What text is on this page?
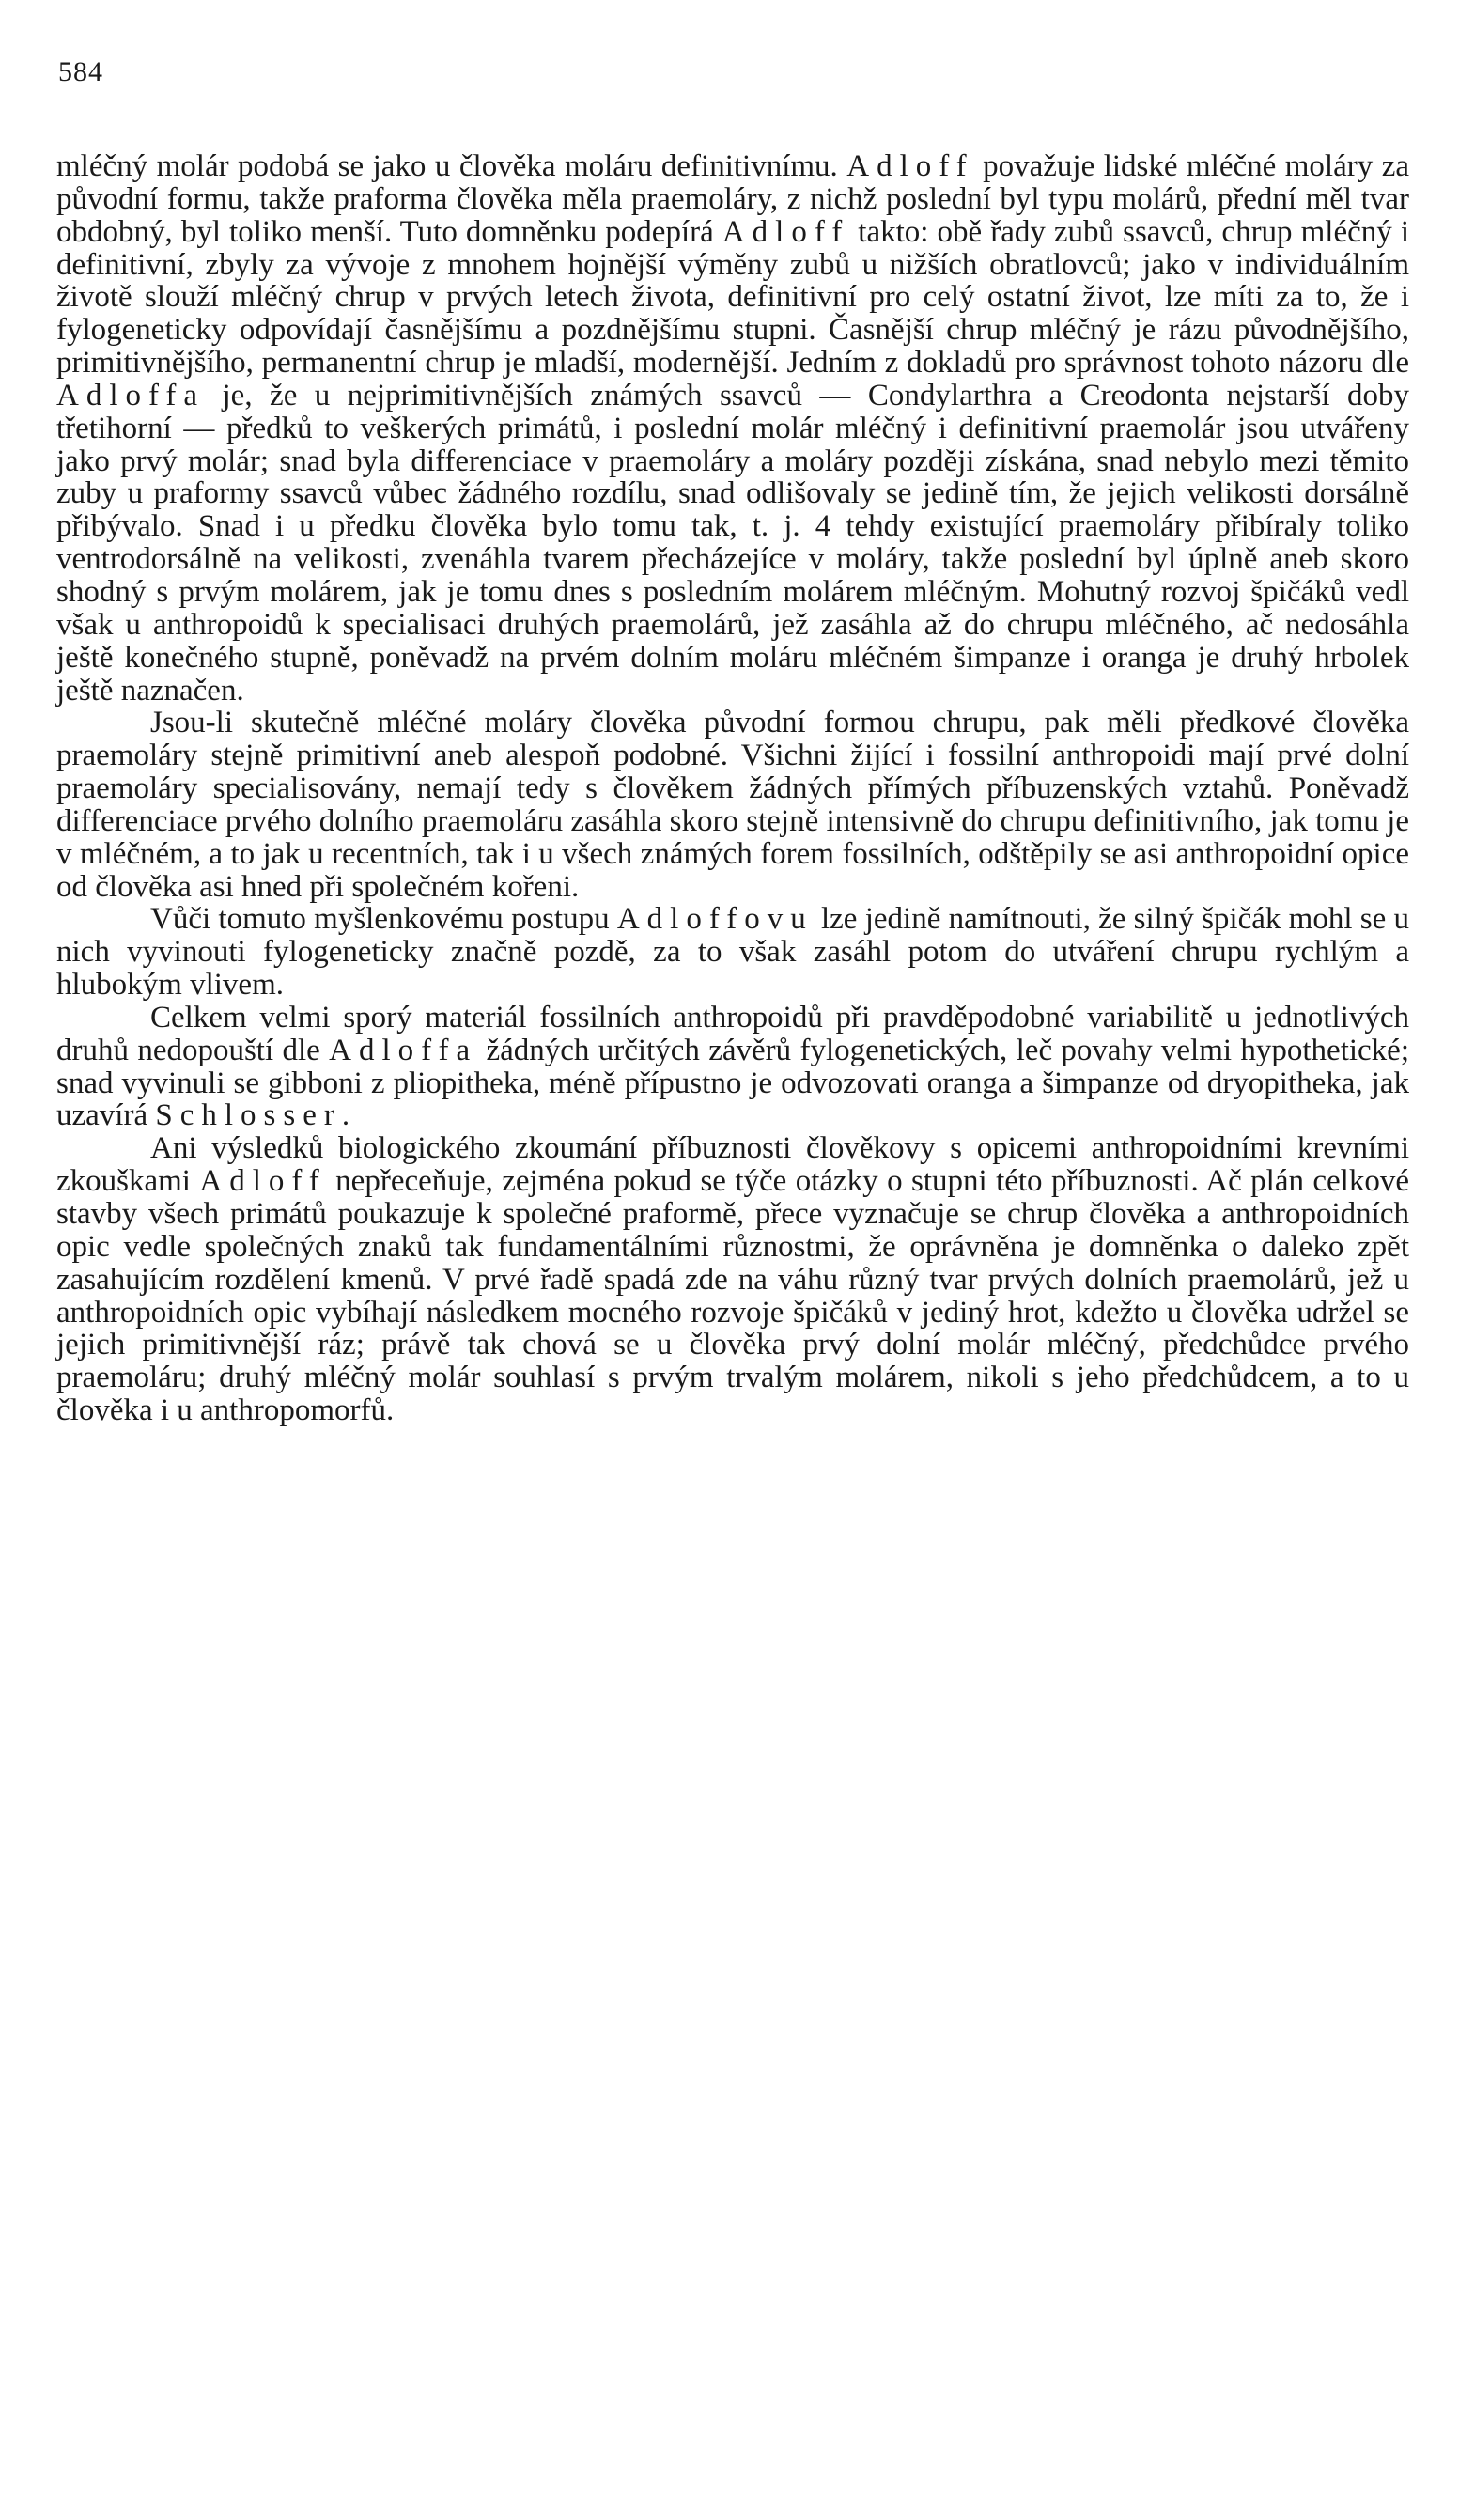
584

mléčný molár podobá se jako u člověka moláru definitivnímu. Adloff považuje lidské mléčné moláry za původní formu, takže praforma člověka měla praemoláry, z nichž poslední byl typu molárů, přední měl tvar obdobný, byl toliko menší. Tuto domněnku podepírá Adloff takto: obě řady zubů ssavců, chrup mléčný i definitivní, zbyly za vývoje z mnohem hojnější výměny zubů u nižších obratlovců; jako v individuálním životě slouží mléčný chrup v prvých letech života, definitivní pro celý ostatní život, lze míti za to, že i fylogeneticky odpovídají časnějšímu a pozdnějšímu stupni. Časnější chrup mléčný je rázu původnějšího, primitivnějšího, permanentní chrup je mladší, modernější. Jedním z dokladů pro správnost tohoto názoru dle Adloffa je, že u nejprimitivnějších známých ssavců — Condylarthra a Creodonta nejstarší doby třetihorní — předků to veškerých primátů, i poslední molár mléčný i definitivní praemolár jsou utvářeny jako prvý molár; snad byla differenciace v praemoláry a moláry později získána, snad nebylo mezi těmito zuby u praformy ssavců vůbec žádného rozdílu, snad odlišovaly se jedině tím, že jejich velikosti dorsálně přibývalo. Snad i u předku člověka bylo tomu tak, t. j. 4 tehdy existující praemoláry přibíraly toliko ventrodorsálně na velikosti, zvenáhla tvarem přecházejíce v moláry, takže poslední byl úplně aneb skoro shodný s prvým molárem, jak je tomu dnes s posledním molárem mléčným. Mohutný rozvoj špičáků vedl však u anthropoidů k specialisaci druhých praemolárů, jež zasáhla až do chrupu mléčného, ač nedosáhla ještě konečného stupně, poněvadž na prvém dolním moláru mléčném šimpanze i oranga je druhý hrbolek ještě naznačen.

Jsou-li skutečně mléčné moláry člověka původní formou chrupu, pak měli předkové člověka praemoláry stejně primitivní aneb alespoň podobné. Všichni žijící i fossilní anthropoidi mají prvé dolní praemoláry specialisovány, nemají tedy s člověkem žádných přímých příbuzenských vztahů. Poněvadž differenciace prvého dolního praemoláru zasáhla skoro stejně intensivně do chrupu definitivního, jak tomu je v mléčném, a to jak u recentních, tak i u všech známých forem fossilních, odštěpily se asi anthropoidní opice od člověka asi hned při společném kořeni.

Vůči tomuto myšlenkovému postupu Adloffovu lze jedině namítnouti, že silný špičák mohl se u nich vyvinouti fylogeneticky značně pozdě, za to však zasáhl potom do utváření chrupu rychlým a hlubokým vlivem.

Celkem velmi sporý materiál fossilních anthropoidů při pravděpodobné variabilitě u jednotlivých druhů nedopouští dle Adloffa žádných určitých závěrů fylogenetických, leč povahy velmi hypothetické; snad vyvinuli se gibboni z pliopitheka, méně přípustno je odvozovati oranga a šimpanze od dryopitheka, jak uzavírá Schlosser.

Ani výsledků biologického zkoumání příbuznosti člověkovy s opicemi anthropoidními krevními zkouškami Adloff nepřeceňuje, zejména pokud se týče otázky o stupni této příbuznosti. Ač plán celkové stavby všech primátů poukazuje k společné praformě, přece vyznačuje se chrup člověka a anthropoidních opic vedle společných znaků tak fundamentálními různostmi, že oprávněna je domněnka o daleko zpět zasahujícím rozdělení kmenů. V prvé řadě spadá zde na váhu různý tvar prvých dolních praemolárů, jež u anthropoidních opic vybíhají následkem mocného rozvoje špičáků v jediný hrot, kdežto u člověka udržel se jejich primitivnější ráz; právě tak chová se u člověka prvý dolní molár mléčný, předchůdce prvého praemoláru; druhý mléčný molár souhlasí s prvým trvalým molárem, nikoli s jeho předchůdcem, a to u člověka i u anthropomorfů.
